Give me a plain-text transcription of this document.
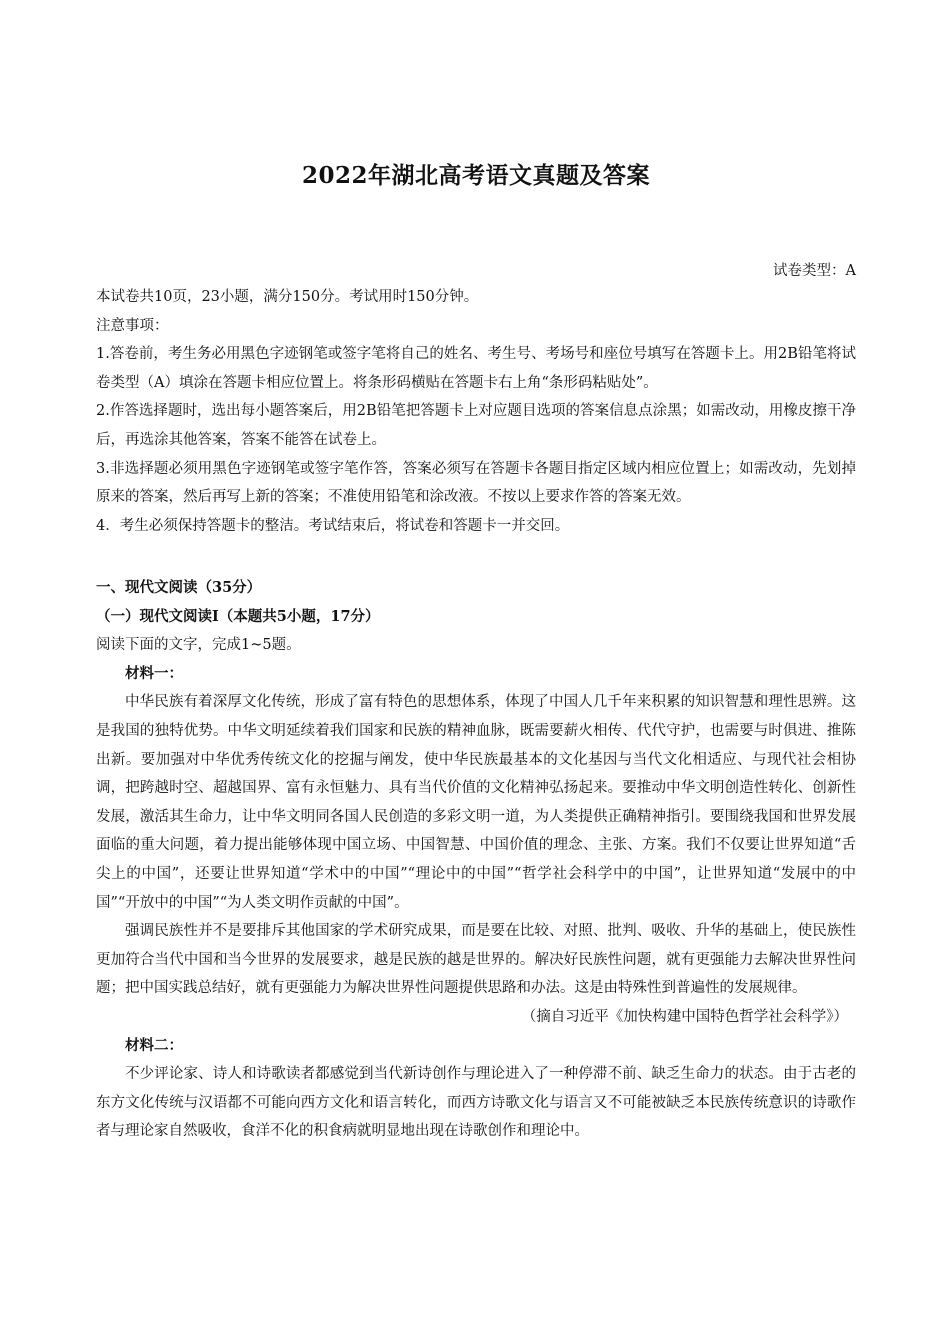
2022年湖北高考语文真题及答案
试卷类型：A

本试卷共10页，23小题，满分150分。考试用时150分钟。

注意事项：

1.答卷前，考生务必用黑色字迹钢笔或签字笔将自己的姓名、考生号、考场号和座位号填写在答题卡上。用2B铅笔将试卷类型（A）填涂在答题卡相应位置上。将条形码横贴在答题卡右上角“条形码粘贴处”。

2.作答选择题时，选出每小题答案后，用2B铅笔把答题卡上对应题目选项的答案信息点涂黑；如需改动，用橡皮擦干净后，再选涂其他答案，答案不能答在试卷上。

3.非选择题必须用黑色字迹钢笔或签字笔作答，答案必须写在答题卡各题目指定区域内相应位置上；如需改动，先划掉原来的答案，然后再写上新的答案；不准使用铅笔和涂改液。不按以上要求作答的答案无效。

4．考生必须保持答题卡的整洁。考试结束后，将试卷和答题卡一并交回。

一、现代文阅读（35分）

（一）现代文阅读Ⅰ（本题共5小题，17分）

阅读下面的文字，完成1~5题。

材料一：

中华民族有着深厚文化传统，形成了富有特色的思想体系，体现了中国人几千年来积累的知识智慧和理性思辨。这是我国的独特优势。中华文明延续着我们国家和民族的精神血脉，既需要薪火相传、代代守护，也需要与时俱进、推陈出新。要加强对中华优秀传统文化的挖掘与阐发，使中华民族最基本的文化基因与当代文化相适应、与现代社会相协调，把跨越时空、超越国界、富有永恒魅力、具有当代价值的文化精神弘扬起来。要推动中华文明创造性转化、创新性发展，激活其生命力，让中华文明同各国人民创造的多彩文明一道，为人类提供正确精神指引。要围绕我国和世界发展面临的重大问题，着力提出能够体现中国立场、中国智慧、中国价值的理念、主张、方案。我们不仅要让世界知道“舌尖上的中国”，还要让世界知道“学术中的中国”“理论中的中国”“哲学社会科学中的中国”，让世界知道“发展中的中国”“开放中的中国”“为人类文明作贡献的中国”。

强调民族性并不是要排斥其他国家的学术研究成果，而是要在比较、对照、批判、吸收、升华的基础上，使民族性更加符合当代中国和当今世界的发展要求，越是民族的越是世界的。解决好民族性问题，就有更强能力去解决世界性问题；把中国实践总结好，就有更强能力为解决世界性问题提供思路和办法。这是由特殊性到普遍性的发展规律。

（摘自习近平《加快构建中国特色哲学社会科学》）

材料二：

不少评论家、诗人和诗歌读者都感觉到当代新诗创作与理论进入了一种停滞不前、缺乏生命力的状态。由于古老的东方文化传统与汉语都不可能向西方文化和语言转化，而西方诗歌文化与语言又不可能被缺乏本民族传统意识的诗歌作者与理论家自然吸收，食洋不化的积食病就明显地出现在诗歌创作和理论中。
